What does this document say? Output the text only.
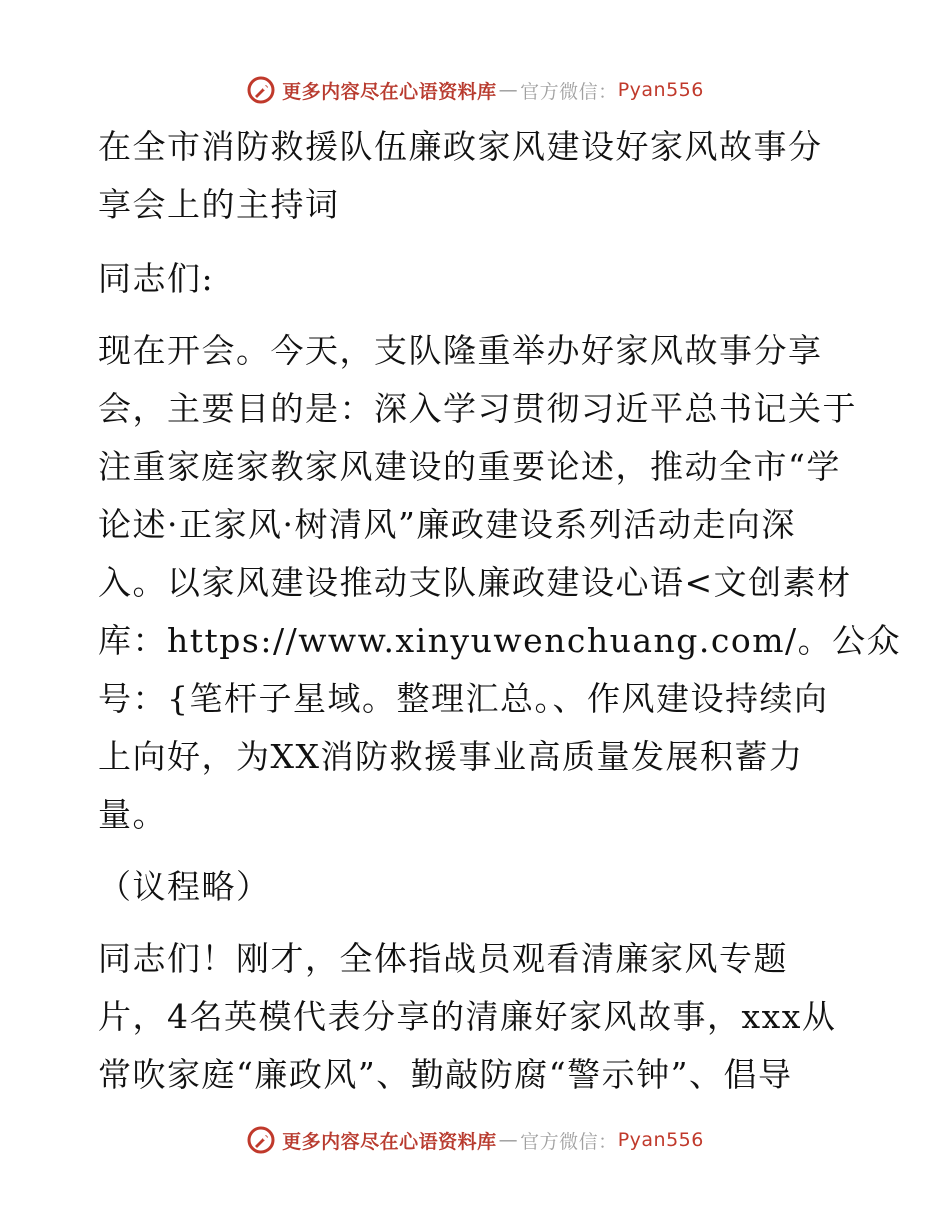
更多内容尽在心语资料库 — 官方微信： Pyan556
在全市消防救援队伍廉政家风建设好家风故事分
享会上的主持词
同志们:
现在开会。今天，支队隆重举办好家风故事分享
会，主要目的是：深入学习贯彻习近平总书记关于
注重家庭家教家风建设的重要论述，推动全市“学
论述·正家风·树清风”廉政建设系列活动走向深
入。以家风建设推动支队廉政建设心语<文创素材
库：https://www.xinyuwenchuang.com/。公众
号：{笔杆子星域。整理汇总。、作风建设持续向
上向好，为XX消防救援事业高质量发展积蓄力
量。
（议程略）
同志们！刚才，全体指战员观看清廉家风专题
片，4名英模代表分享的清廉好家风故事，xxx从
常吹家庭“廉政风”、勤敲防腐“警示钟”、倡导
更多内容尽在心语资料库 — 官方微信： Pyan556
